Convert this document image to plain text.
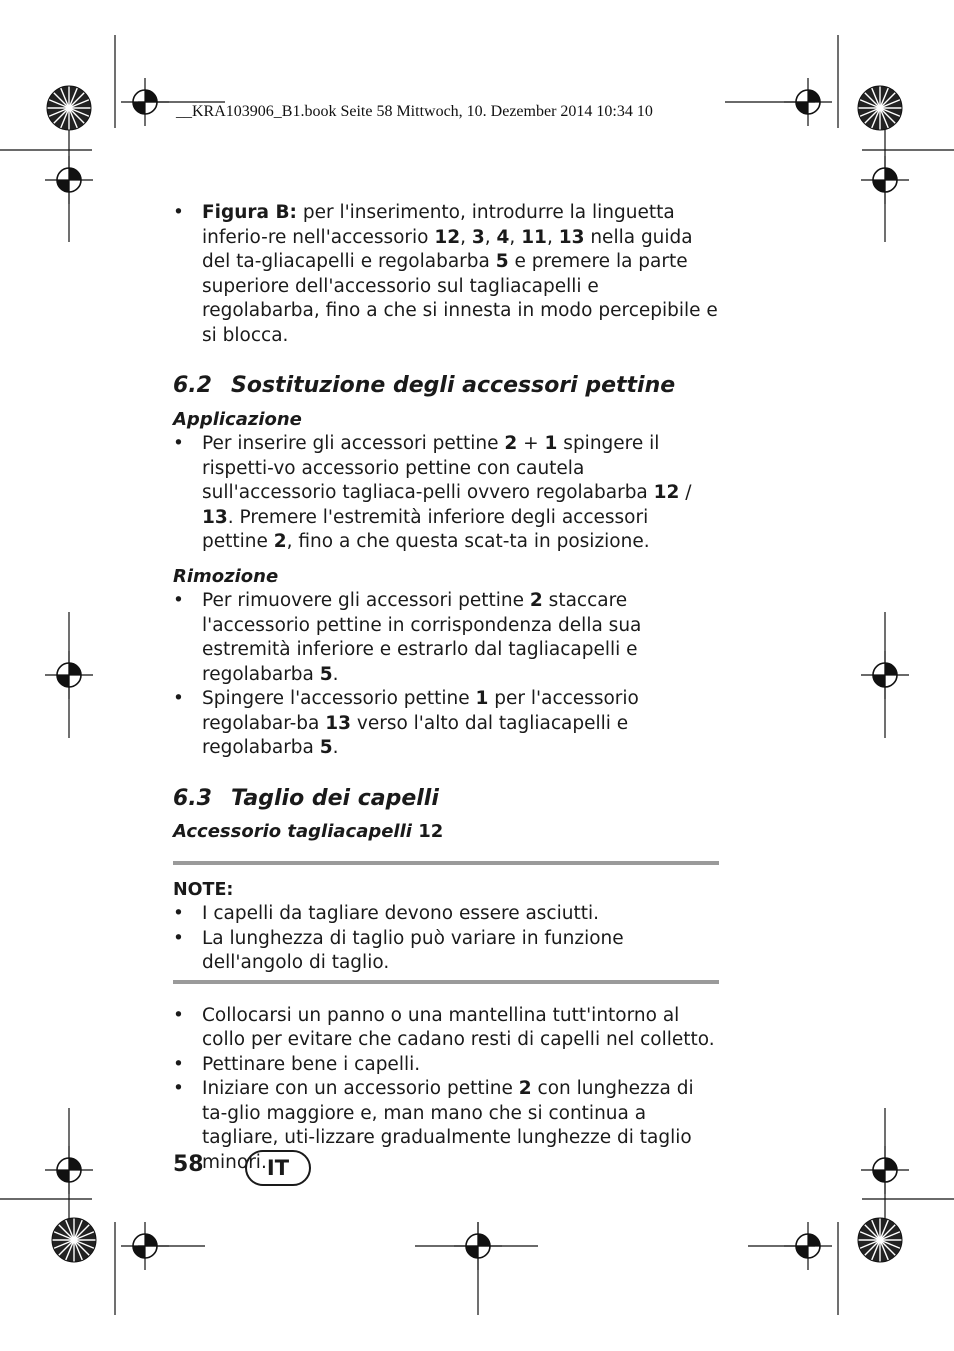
__KRA103906_B1.book Seite 58 Mittwoch, 10. Dezember 2014 10:34 10
• Figura B: per l'inserimento, introdurre la linguetta inferio-re nell'accessorio 12, 3, 4, 11, 13 nella guida del ta-gliacapelli e regolabarba 5 e premere la parte superiore dell'accessorio sul tagliacapelli e regolabarba, fino a che si innesta in modo percepibile e si blocca.
6.2 Sostituzione degli accessori pettine
Applicazione
• Per inserire gli accessori pettine 2 + 1 spingere il rispetti-vo accessorio pettine con cautela sull'accessorio tagliaca-pelli ovvero regolabarba 12 / 13. Premere l'estremità inferiore degli accessori pettine 2, fino a che questa scat-ta in posizione.
Rimozione
• Per rimuovere gli accessori pettine 2 staccare l'accessorio pettine in corrispondenza della sua estremità inferiore e estrarlo dal tagliacapelli e regolabarba 5.
• Spingere l'accessorio pettine 1 per l'accessorio regolabar-ba 13 verso l'alto dal tagliacapelli e regolabarba 5.
6.3 Taglio dei capelli
Accessorio tagliacapelli 12
NOTE:
• I capelli da tagliare devono essere asciutti.
• La lunghezza di taglio può variare in funzione dell'angolo di taglio.
• Collocarsi un panno o una mantellina tutt'intorno al collo per evitare che cadano resti di capelli nel colletto.
• Pettinare bene i capelli.
• Iniziare con un accessorio pettine 2 con lunghezza di ta-glio maggiore e, man mano che si continua a tagliare, uti-lizzare gradualmente lunghezze di taglio minori.
58	IT
